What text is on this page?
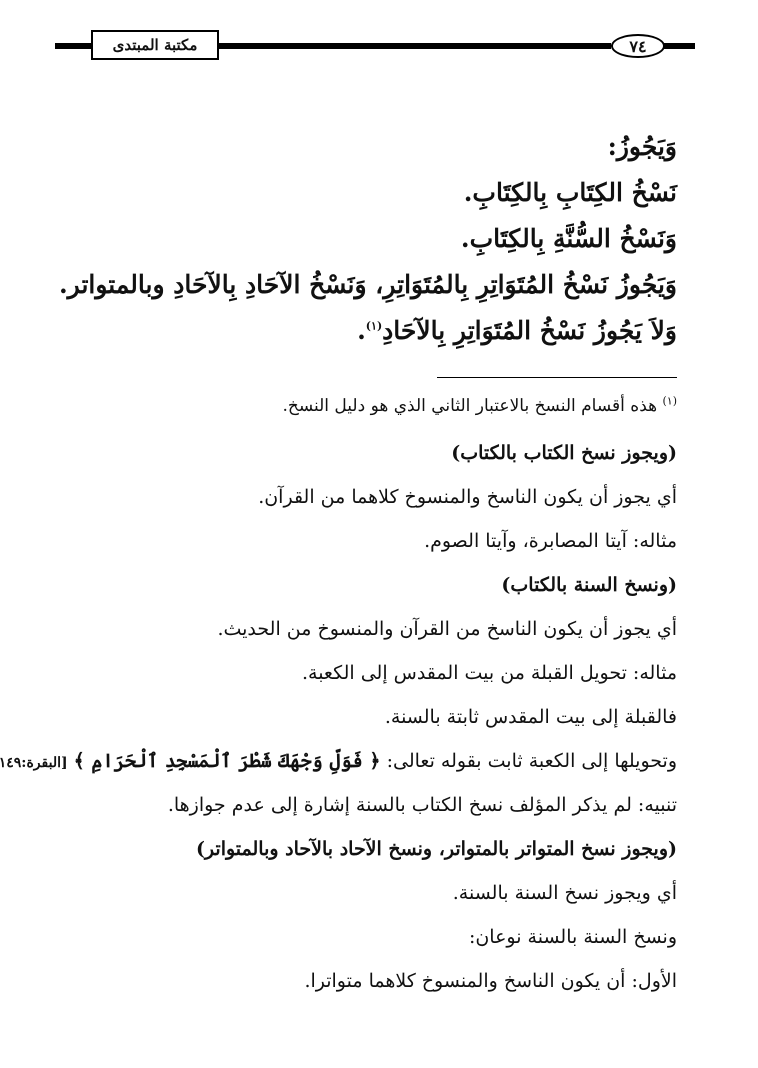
مكتبة المبتدى	٧٤
وَيَجُوزُ:
نَسْخُ الكِتَابِ بِالكِتَابِ.
وَنَسْخُ السُّنَّةِ بِالكِتَابِ.
وَيَجُوزُ نَسْخُ المُتَوَاتِرِ بِالمُتَوَاتِرِ، وَنَسْخُ الآحَادِ بِالآحَادِ وبالمتواتر.
وَلاَ يَجُوزُ نَسْخُ المُتَوَاتِرِ بِالآحَادِ$^{(١)}$.
$^{(١)}$ هذه أقسام النسخ بالاعتبار الثاني الذي هو دليل النسخ.
(ويجوز نسخ الكتاب بالكتاب)
أي يجوز أن يكون الناسخ والمنسوخ كلاهما من القرآن.
مثاله: آيتا المصابرة، وآيتا الصوم.
(ونسخ السنة بالكتاب)
أي يجوز أن يكون الناسخ من القرآن والمنسوخ من الحديث.
مثاله: تحويل القبلة من بيت المقدس إلى الكعبة.
فالقبلة إلى بيت المقدس ثابتة بالسنة.
وتحويلها إلى الكعبة ثابت بقوله تعالى: ﴿ فَوَلِّ وَجْهَكَ شَطْرَ ٱلْمَسْجِدِ ٱلْحَرَامِ ﴾ [البقرة:١٤٩
تنبيه: لم يذكر المؤلف نسخ الكتاب بالسنة إشارة إلى عدم جوازها.
(ويجوز نسخ المتواتر بالمتواتر، ونسخ الآحاد بالآحاد وبالمتواتر)
أي ويجوز نسخ السنة بالسنة.
ونسخ السنة بالسنة نوعان:
الأول: أن يكون الناسخ والمنسوخ كلاهما متواترا.
